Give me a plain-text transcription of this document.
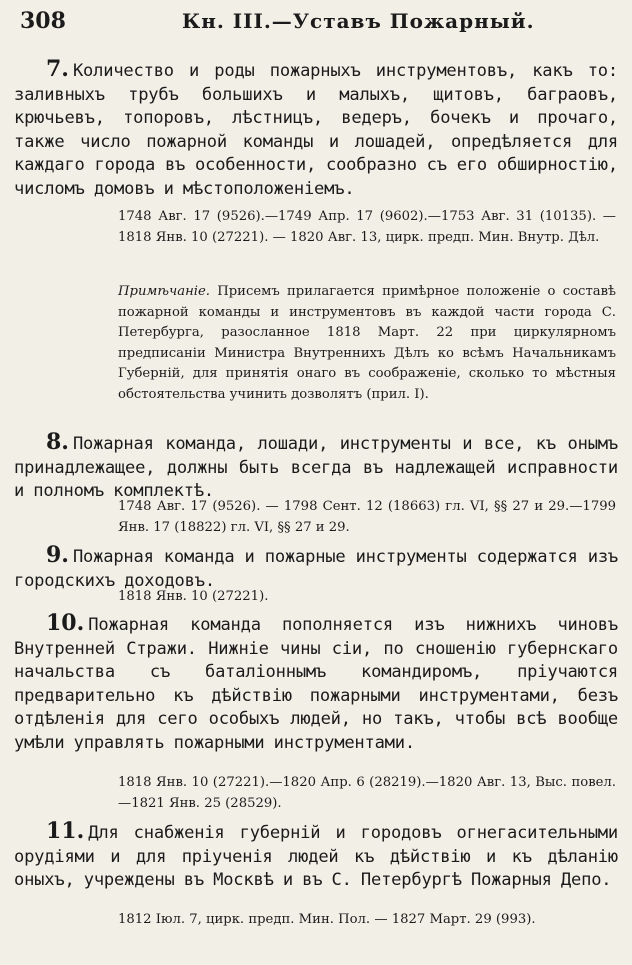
308	Кн. III.—Уставъ Пожарный.

7. Количество и роды пожарныхъ инструментовъ, какъ то: заливныхъ трубъ большихъ и малыхъ, щитовъ, баграовъ, крючьевъ, топоровъ, лѣстницъ, ведеръ, бочекъ и прочаго, также число пожарной команды и лошадей, опредѣляется для каждаго города въ особенности, сообразно съ его обширностію, числомъ домовъ и мѣстоположеніемъ.

1748 Авг. 17 (9526).—1749 Апр. 17 (9602).—1753 Авг. 31 (10135). — 1818 Янв. 10 (27221). — 1820 Авг. 13, цирк. предп. Мин. Внутр. Дѣл.

Примѣчаніе. Присемъ прилагается примѣрное положеніе о составѣ пожарной команды и инструментовъ въ каждой части города С. Петербурга, разосланное 1818 Март. 22 при циркулярномъ предписаніи Министра Внутреннихъ Дѣлъ ко всѣмъ Начальникамъ Губерній, для принятія онаго въ соображеніе, сколько то мѣстныя обстоятельства учинить дозволятъ (прил. I).

8. Пожарная команда, лошади, инструменты и все, къ онымъ принадлежащее, должны быть всегда въ надлежащей исправности и полномъ комплектѣ.

1748 Авг. 17 (9526). — 1798 Сент. 12 (18663) гл. VI, §§ 27 и 29.—1799 Янв. 17 (18822) гл. VI, §§ 27 и 29.

9. Пожарная команда и пожарные инструменты содержатся изъ городскихъ доходовъ.

1818 Янв. 10 (27221).

10. Пожарная команда пополняется изъ нижнихъ чиновъ Внутренней Стражи. Нижніе чины сіи, по сношенію губернскаго начальства съ баталіоннымъ командиромъ, пріучаются предварительно къ дѣйствію пожарными инструментами, безъ отдѣленія для сего особыхъ людей, но такъ, чтобы всѣ вообще умѣли управлять пожарными инструментами.

1818 Янв. 10 (27221).—1820 Апр. 6 (28219).—1820 Авг. 13, Выс. повел.—1821 Янв. 25 (28529).

11. Для снабженія губерній и городовъ огнегасительными орудіями и для пріученія людей къ дѣйствію и къ дѣланію оныхъ, учреждены въ Москвѣ и въ С. Петербургѣ Пожарныя Депо.

1812 Іюл. 7, цирк. предп. Мин. Пол. — 1827 Март. 29 (993).
